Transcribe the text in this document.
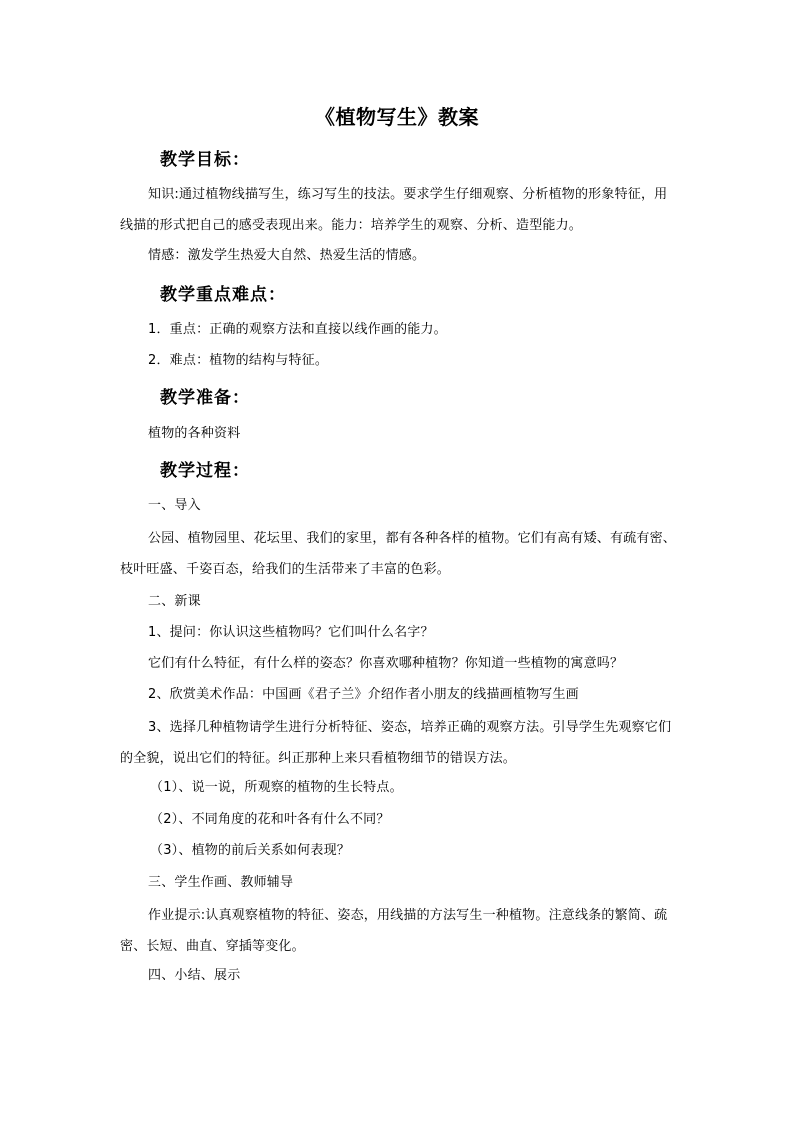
《植物写生》教案
教学目标：

知识:通过植物线描写生，练习写生的技法。要求学生仔细观察、分析植物的形象特征，用线描的形式把自己的感受表现出来。能力：培养学生的观察、分析、造型能力。

情感：激发学生热爱大自然、热爱生活的情感。
教学重点难点：
1．重点：正确的观察方法和直接以线作画的能力。
2．难点：植物的结构与特征。
教学准备：
植物的各种资料
教学过程：
一、导入

公园、植物园里、花坛里、我们的家里，都有各种各样的植物。它们有高有矮、有疏有密、枝叶旺盛、千姿百态，给我们的生活带来了丰富的色彩。

二、新课
1、提问：你认识这些植物吗？它们叫什么名字？
它们有什么特征，有什么样的姿态？你喜欢哪种植物？你知道一些植物的寓意吗？
2、欣赏美术作品：中国画《君子兰》介绍作者小朋友的线描画植物写生画

3、选择几种植物请学生进行分析特征、姿态，培养正确的观察方法。引导学生先观察它们的全貌，说出它们的特征。纠正那种上来只看植物细节的错误方法。

（1）、说一说，所观察的植物的生长特点。
（2）、不同角度的花和叶各有什么不同？
（3）、植物的前后关系如何表现？
三、学生作画、教师辅导

作业提示:认真观察植物的特征、姿态，用线描的方法写生一种植物。注意线条的繁简、疏密、长短、曲直、穿插等变化。

四、小结、展示
